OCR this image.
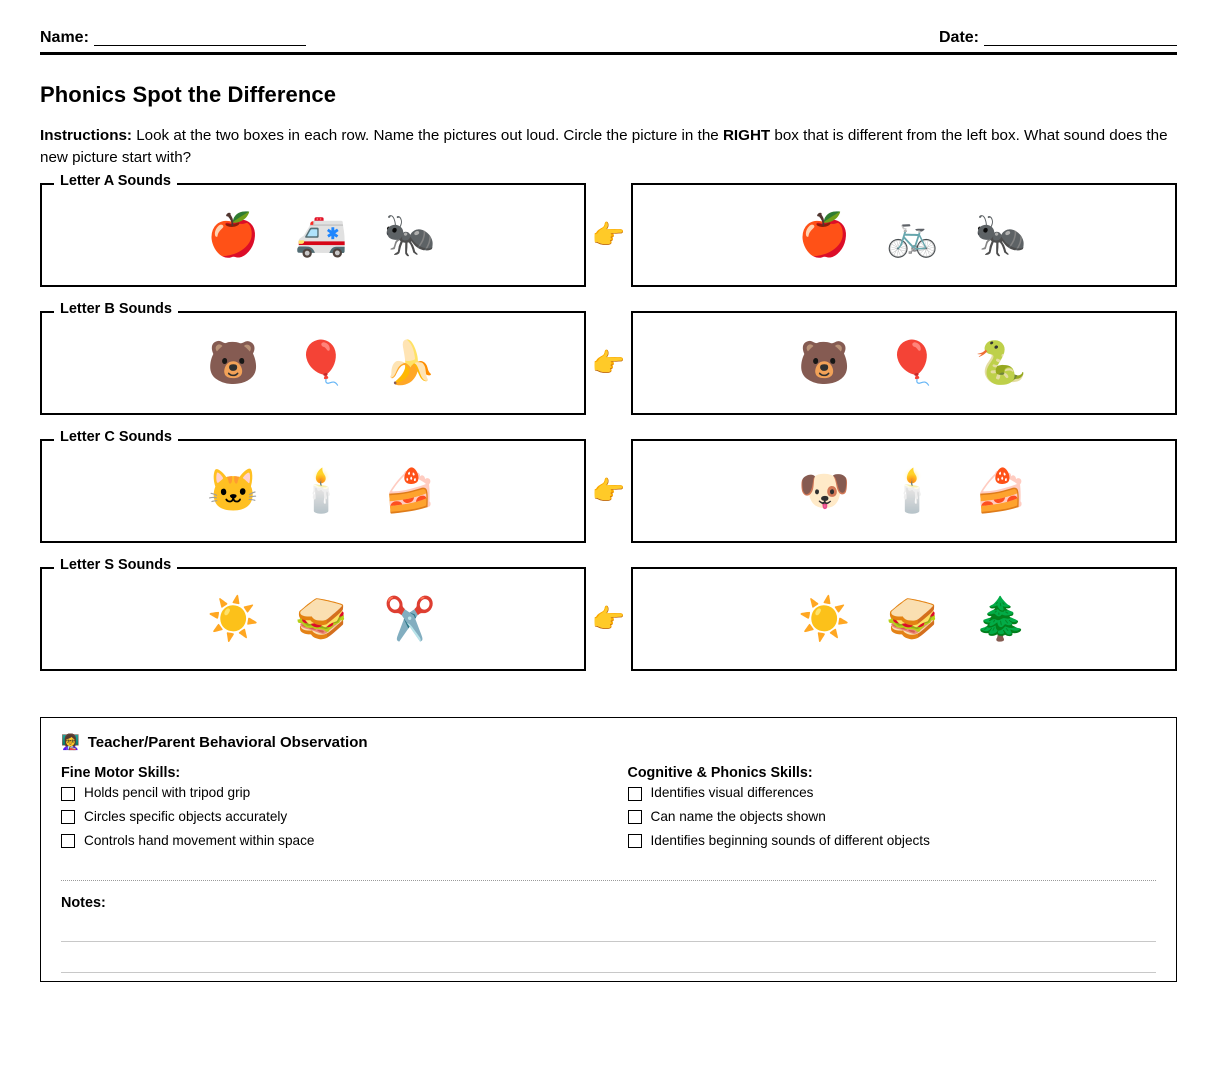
Name:	Date:
Phonics Spot the Difference

Instructions: Look at the two boxes in each row. Name the pictures out loud. Circle the picture in the RIGHT box that is different from the left box. What sound does the new picture start with?

Letter A Sounds
🍎 🚑 🐜	👉	🍎 🚲 🐜
Letter B Sounds
🐻 🎈 🍌	👉	🐻 🎈 🐍
Letter C Sounds
🐱 🕯️ 🍰	👉	🐶 🕯️ 🍰
Letter S Sounds
☀️ 🥪 ✂️	👉	☀️ 🥪 🌲
👩‍🏫 Teacher/Parent Behavioral Observation
Fine Motor Skills:
Holds pencil with tripod grip
Circles specific objects accurately
Controls hand movement within space
Cognitive & Phonics Skills:
Identifies visual differences
Can name the objects shown
Identifies beginning sounds of different objects
Notes:
